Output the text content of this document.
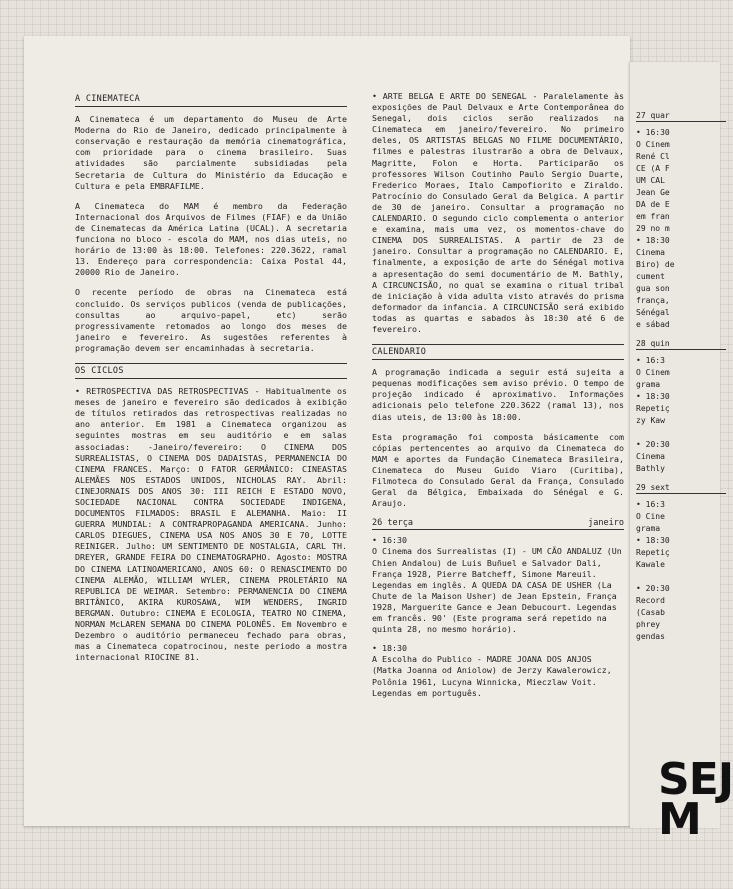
A CINEMATECA

A Cinemateca é um departamento do Museu de Arte Moderna do Rio de Janeiro, dedicado principalmente à conservação e restauração da memória cinematográfica, com prioridade para o cinema brasileiro. Suas atividades são parcialmente subsidiadas pela Secretaria de Cultura do Ministério da Educação e Cultura e pela EMBRAFILME.

A Cinemateca do MAM é membro da Federação Internacional dos Arquivos de Filmes (FIAF) e da União de Cinematecas da América Latina (UCAL). A secretaria funciona no bloco - escola do MAM, nos dias uteis, no horário de 13:00 às 18:00. Telefones: 220.3622, ramal 13. Endereço para correspondencia: Caixa Postal 44, 20000 Rio de Janeiro.

O recente período de obras na Cinemateca está concluido. Os serviços publicos (venda de publicações, consultas ao arquivo-papel, etc) serão progressivamente retomados ao longo dos meses de janeiro e fevereiro. As sugestões referentes à programação devem ser encaminhadas à secretaria.

OS CICLOS

• RETROSPECTIVA DAS RETROSPECTIVAS - Habitualmente os meses de janeiro e fevereiro são dedicados à exibição de títulos retirados das retrospectivas realizadas no ano anterior. Em 1981 a Cinemateca organizou as seguintes mostras em seu auditório e em salas associadas: -Janeiro/fevereiro: O CINEMA DOS SURREALISTAS, O CINEMA DOS DADAISTAS, PERMANENCIA DO CINEMA FRANCES. Março: O FATOR GERMÂNICO: CINEASTAS ALEMÃES NOS ESTADOS UNIDOS, NICHOLAS RAY. Abril: CINEJORNAIS DOS ANOS 30: III REICH E ESTADO NOVO, SOCIEDADE NACIONAL CONTRA SOCIEDADE INDIGENA, DOCUMENTOS FILMADOS: BRASIL E ALEMANHA. Maio: II GUERRA MUNDIAL: A CONTRAPROPAGANDA AMERICANA. Junho: CARLOS DIEGUES, CINEMA USA NOS ANOS 30 E 70, LOTTE REINIGER. Julho: UM SENTIMENTO DE NOSTALGIA, CARL TH. DREYER, GRANDE FEIRA DO CINEMATOGRAPHO. Agosto: MOSTRA DO CINEMA LATINOAMERICANO, ANOS 60: O RENASCIMENTO DO CINEMA ALEMÃO, WILLIAM WYLER, CINEMA PROLETÁRIO NA REPUBLICA DE WEIMAR. Setembro: PERMANENCIA DO CINEMA BRITÂNICO, AKIRA KUROSAWA, WIM WENDERS, INGRID BERGMAN. Outubro: CINEMA E ECOLOGIA, TEATRO NO CINEMA, NORMAN McLAREN SEMANA DO CINEMA POLONÊS. Em Novembro e Dezembro o auditório permaneceu fechado para obras, mas a Cinemateca copatrocinou, neste periodo a mostra internacional RIOCINE 81.

• ARTE BELGA E ARTE DO SENEGAL - Paralelamente às exposições de Paul Delvaux e Arte Contemporânea do Senegal, dois ciclos serão realizados na Cinemateca em janeiro/fevereiro. No primeiro deles, OS ARTISTAS BELGAS NO FILME DOCUMENTÁRIO, filmes e palestras ilustrarão a obra de Delvaux, Magritte, Folon e Horta. Participarão os professores Wilson Coutinho Paulo Sergio Duarte, Frederico Moraes, Italo Campofiorito e Ziraldo. Patrocínio do Consulado Geral da Belgica. A partir de 30 de janeiro. Consultar a programação no CALENDARIO. O segundo ciclo complementa o anterior e examina, mais uma vez, os momentos-chave do CINEMA DOS SURREALISTAS. A partir de 23 de janeiro. Consultar a programação no CALENDARIO. E, finalmente, a exposição de arte do Sénégal motiva a apresentação do semi documentário de M. Bathly, A CIRCUNCISÃO, no qual se examina o ritual tribal de iniciação à vida adulta visto através do prisma deformador da infancia. A CIRCUNCISÃO será exibido todas as quartas e sabados às 18:30 até 6 de fevereiro.

CALENDARIO

A programação indicada a seguir está sujeita a pequenas modificações sem aviso prévio. O tempo de projeção indicado é aproximativo. Informações adicionais pelo telefone 220.3622 (ramal 13), nos dias uteis, de 13:00 às 18:00.

Esta programação foi composta básicamente com cópias pertencentes ao arquivo da Cinemateca do MAM e aportes da Fundação Cinemateca Brasileira, Cinemateca do Museu Guido Viaro (Curitiba), Filmoteca do Consulado Geral da França, Consulado Geral da Bélgica, Embaixada do Sénégal e G. Araujo.

26 terça	janeiro
• 16:30
O Cinema dos Surrealistas (I) - UM CÃO ANDALUZ (Un Chien Andalou) de Luis Buñuel e Salvador Dali, França 1928, Pierre Batcheff, Simone Mareuil. Legendas em inglês. A QUEDA DA CASA DE USHER (La Chute de la Maison Usher) de Jean Epstein, França 1928, Marguerite Gance e Jean Debucourt. Legendas em francês. 90' (Este programa será repetido na quinta 28, no mesmo horário).
• 18:30
A Escolha do Publico - MADRE JOANA DOS ANJOS (Matka Joanna od Aniolow) de Jerzy Kawalerowicz, Polônia 1961, Lucyna Winnicka, Mieczlaw Voit. Legendas em português.
27 quar
• 16:30
O Cinem
René Cl
CE (A F
UM CAL
Jean Ge
DA de E
em fran
29 no m
• 18:30
Cinema
Biro) de
cument
gua son
frança,
Sénégal
e sábad
28 quin
• 16:3
O Cinem
grama
• 18:30
Repetiç
zy Kaw

• 20:30
Cinema
Bathly
29 sext
• 16:3
O Cine
grama
• 18:30
Repetiç
Kawale

• 20:30
Record
(Casab
phrey
gendas
SEJ
M
